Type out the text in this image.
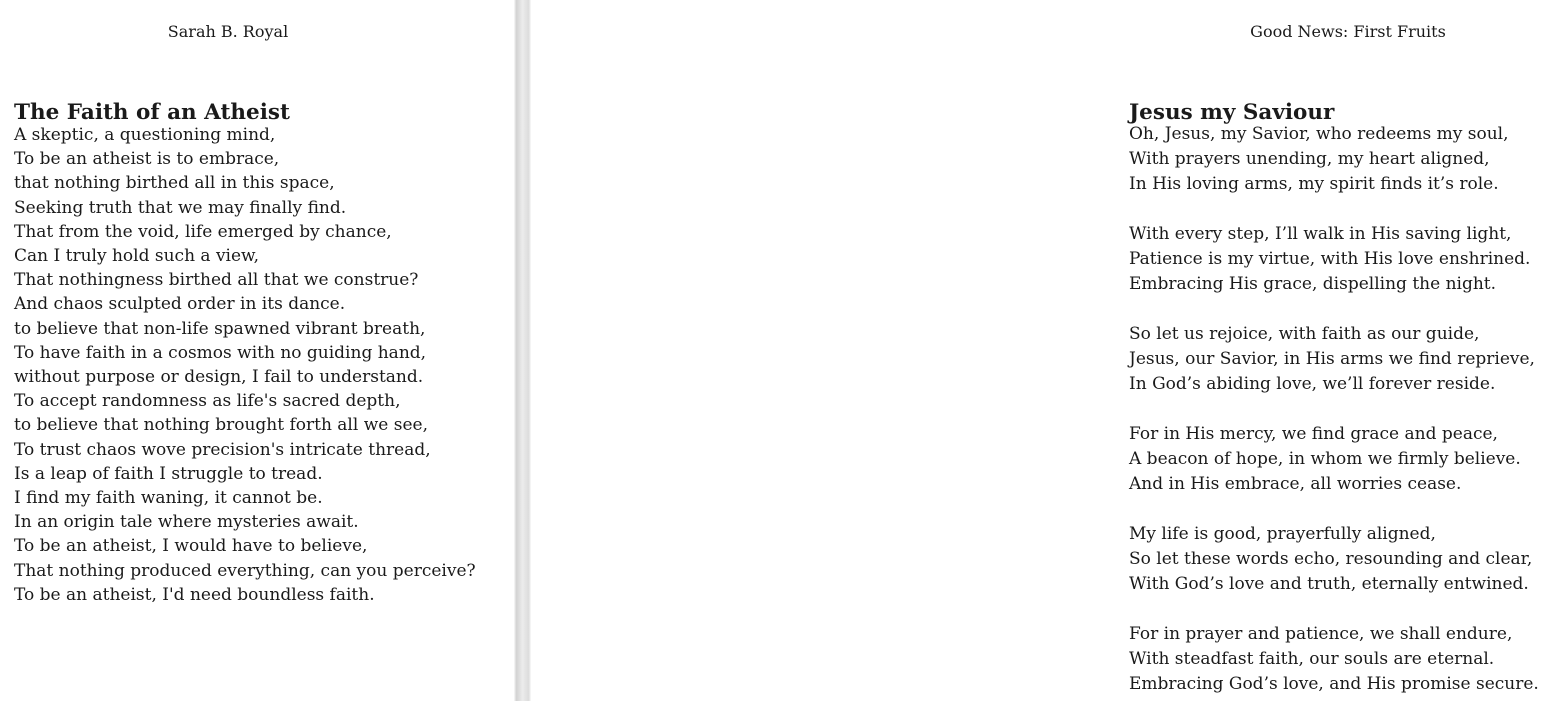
Sarah B. Royal
The Faith of an Atheist
A skeptic, a questioning mind,
To be an atheist is to embrace,
that nothing birthed all in this space,
Seeking truth that we may finally find.
That from the void, life emerged by chance,
Can I truly hold such a view,
That nothingness birthed all that we construe?
And chaos sculpted order in its dance.
to believe that non-life spawned vibrant breath,
To have faith in a cosmos with no guiding hand,
without purpose or design, I fail to understand.
To accept randomness as life's sacred depth,
to believe that nothing brought forth all we see,
To trust chaos wove precision's intricate thread,
Is a leap of faith I struggle to tread.
I find my faith waning, it cannot be.
In an origin tale where mysteries await.
To be an atheist, I would have to believe,
That nothing produced everything, can you perceive?
To be an atheist, I'd need boundless faith.
Good News: First Fruits
Jesus my Saviour
Oh, Jesus, my Savior, who redeems my soul,
With prayers unending, my heart aligned,
In His loving arms, my spirit finds it’s role.
With every step, I’ll walk in His saving light,
Patience is my virtue, with His love enshrined.
Embracing His grace, dispelling the night.
So let us rejoice, with faith as our guide,
Jesus, our Savior, in His arms we find reprieve,
In God’s abiding love, we’ll forever reside.
For in His mercy, we find grace and peace,
A beacon of hope, in whom we firmly believe.
And in His embrace, all worries cease.
My life is good, prayerfully aligned,
So let these words echo, resounding and clear,
With God’s love and truth, eternally entwined.
For in prayer and patience, we shall endure,
With steadfast faith, our souls are eternal.
Embracing God’s love, and His promise secure.
